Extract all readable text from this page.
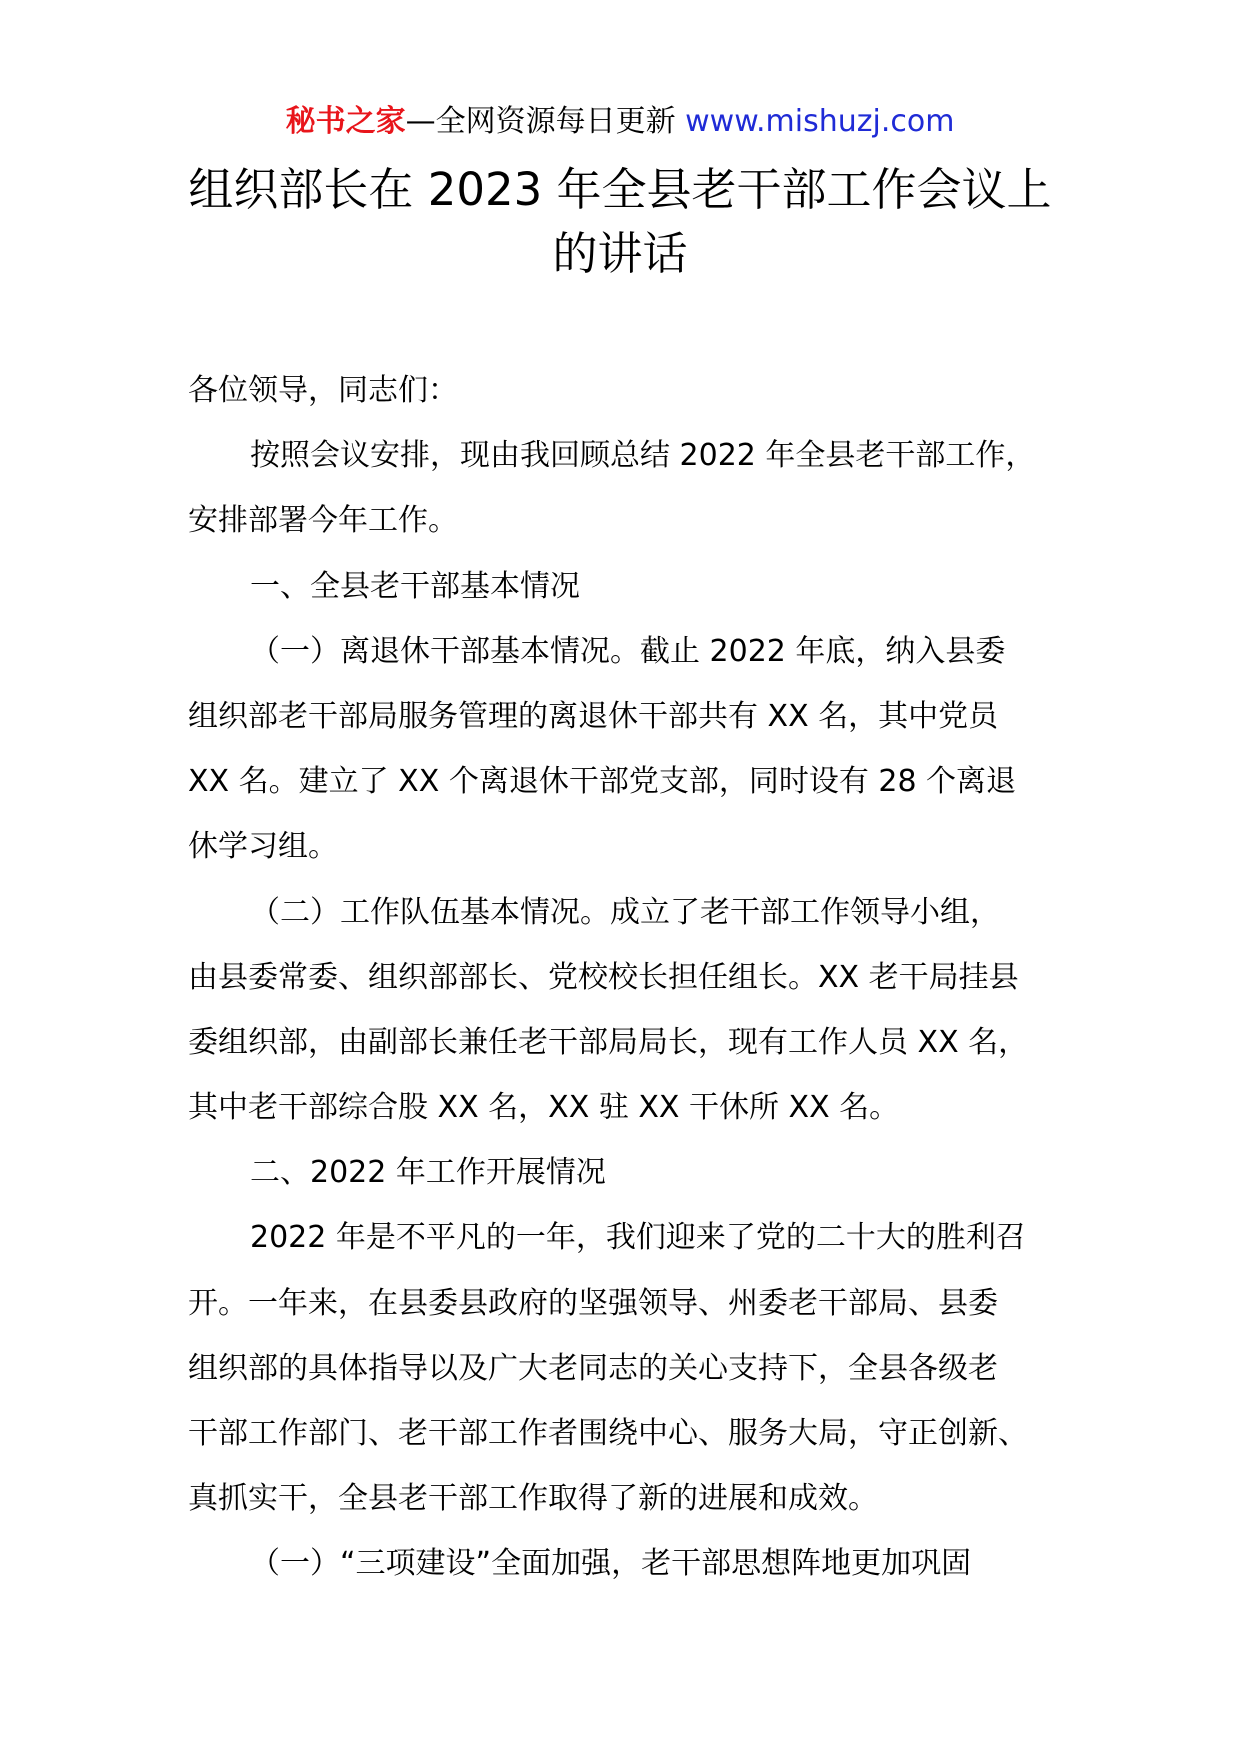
秘书之家—全网资源每日更新 www.mishuzj.com
组织部长在 2023 年全县老干部工作会议上
的讲话
各位领导，同志们：
按照会议安排，现由我回顾总结 2022 年全县老干部工作，
安排部署今年工作。
一、全县老干部基本情况
（一）离退休干部基本情况。截止 2022 年底，纳入县委
组织部老干部局服务管理的离退休干部共有 XX 名，其中党员
XX 名。建立了 XX 个离退休干部党支部，同时设有 28 个离退
休学习组。
（二）工作队伍基本情况。成立了老干部工作领导小组，
由县委常委、组织部部长、党校校长担任组长。XX 老干局挂县
委组织部，由副部长兼任老干部局局长，现有工作人员 XX 名，
其中老干部综合股 XX 名，XX 驻 XX 干休所 XX 名。
二、2022 年工作开展情况
2022 年是不平凡的一年，我们迎来了党的二十大的胜利召
开。一年来，在县委县政府的坚强领导、州委老干部局、县委
组织部的具体指导以及广大老同志的关心支持下，全县各级老
干部工作部门、老干部工作者围绕中心、服务大局，守正创新、
真抓实干，全县老干部工作取得了新的进展和成效。
（一）“三项建设”全面加强，老干部思想阵地更加巩固
